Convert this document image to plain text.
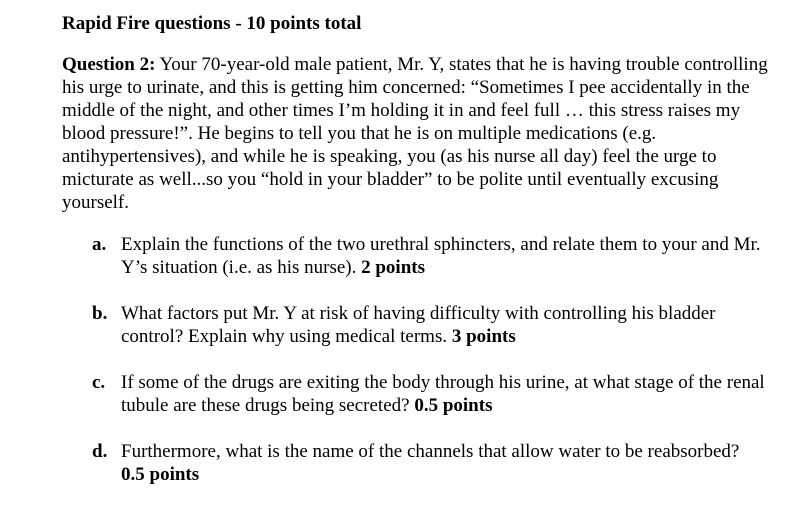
Rapid Fire questions - 10 points total

Question 2: Your 70-year-old male patient, Mr. Y, states that he is having trouble controlling his urge to urinate, and this is getting him concerned: “Sometimes I pee accidentally in the middle of the night, and other times I’m holding it in and feel full … this stress raises my blood pressure!”. He begins to tell you that he is on multiple medications (e.g. antihypertensives), and while he is speaking, you (as his nurse all day) feel the urge to micturate as well...so you “hold in your bladder” to be polite until eventually excusing yourself.

a. Explain the functions of the two urethral sphincters, and relate them to your and Mr. Y’s situation (i.e. as his nurse). 2 points
b. What factors put Mr. Y at risk of having difficulty with controlling his bladder control? Explain why using medical terms. 3 points
c. If some of the drugs are exiting the body through his urine, at what stage of the renal tubule are these drugs being secreted? 0.5 points
d. Furthermore, what is the name of the channels that allow water to be reabsorbed?
0.5 points
